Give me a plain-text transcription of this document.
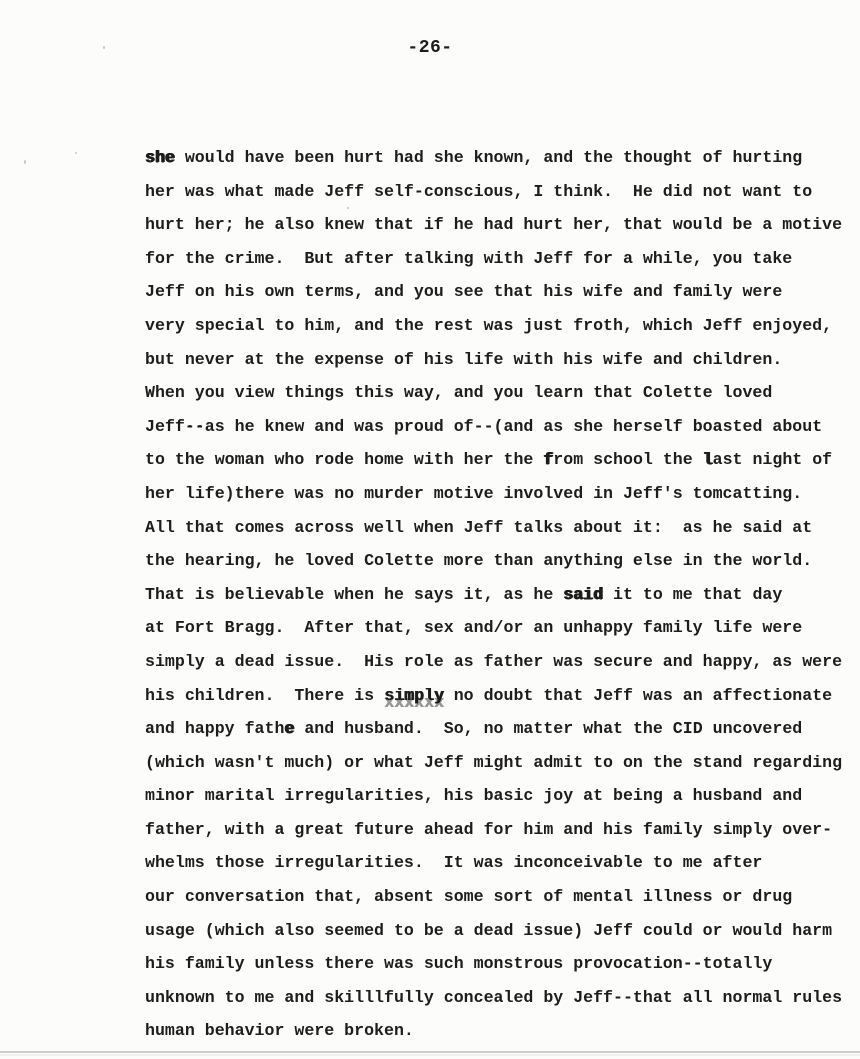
-26-
she would have been hurt had she known, and the thought of hurting
her was what made Jeff self-conscious, I think.  He did not want to
hurt her; he also knew that if he had hurt her, that would be a motive
for the crime.  But after talking with Jeff for a while, you take
Jeff on his own terms, and you see that his wife and family were
very special to him, and the rest was just froth, which Jeff enjoyed,
but never at the expense of his life with his wife and children.
When you view things this way, and you learn that Colette loved
Jeff-- ··as he knew and was proud of--(and as she herself boasted about
to the woman who rode home with her the from school the last night of
her life)there was no murder motive involved in Jeff's tomcatting.
All that comes across well when Jeff talks about it:  as he said at
the hearing, he loved Colette more than anything else in the world.
That is believable when he says it, as he said it to me that day
at Fort Bragg.  After that, sex and/or an unhappy family life were
simply a dead issue.  His role as father was secure and happy, as were
his children.  There is simply xxxxxx no doubt that Jeff was an affectionate
and happy fathe and husband.  So, no matter what the CID uncovered
(which wasn't much) or what Jeff might admit to on the stand regarding
minor marital irregularities, his basic joy at being a husband and
father, with a great future ahead for him and his family simply over-
whelms those irregularities.  It was inconceivable to me after
our conversation that, absent some sort of mental illness or drug
usage (which also seemed to be a dead issue) Jeff could or would harm
his family unless there was such monstrous provocation--totally
unknown to me and skilllfully concealed by Jeff--that all normal rules
human behavior were broken.
